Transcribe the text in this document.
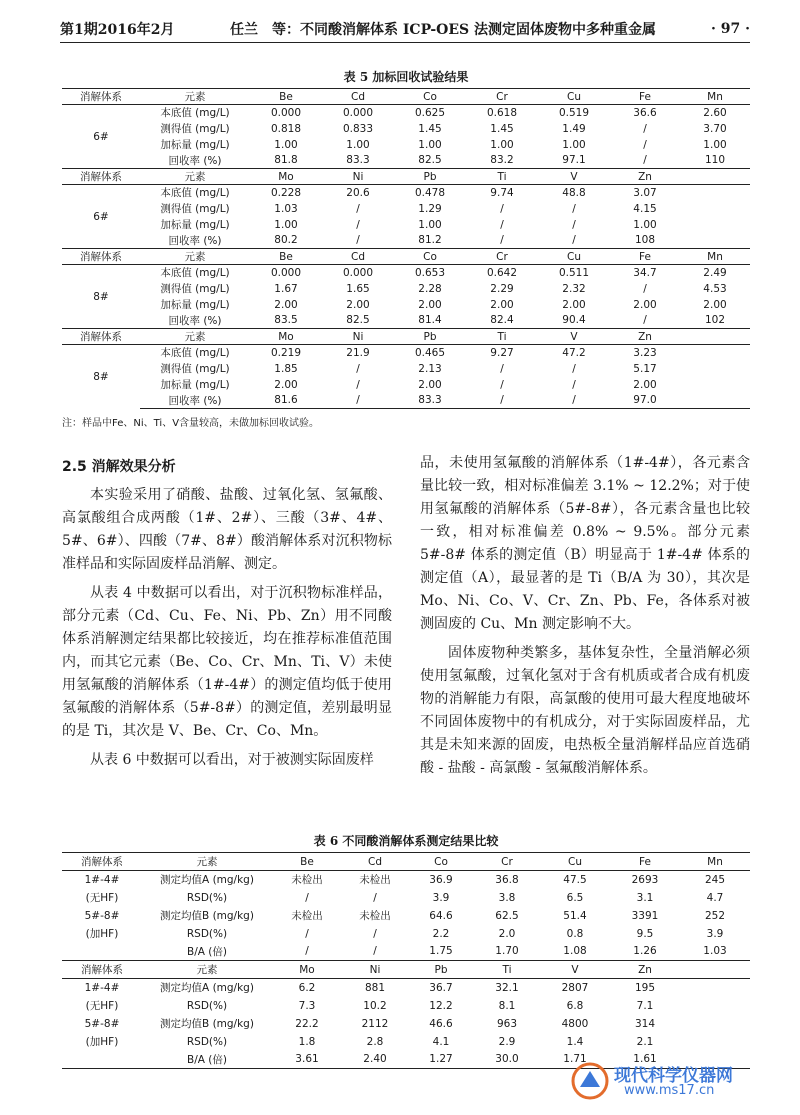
第1期2016年2月	任兰　等：不同酸消解体系 ICP-OES 法测定固体废物中多种重金属	· 97 ·
表 5 加标回收试验结果
消解体系	元素	Be	Cd	Co	Cr	Cu	Fe	Mn
6#	本底值 (mg/L)	0.000	0.000	0.625	0.618	0.519	36.6	2.60
	测得值 (mg/L)	0.818	0.833	1.45	1.45	1.49	/	3.70
	加标量 (mg/L)	1.00	1.00	1.00	1.00	1.00	/	1.00
	回收率 (%)	81.8	83.3	82.5	83.2	97.1	/	110
消解体系	元素	Mo	Ni	Pb	Ti	V	Zn	
6#	本底值 (mg/L)	0.228	20.6	0.478	9.74	48.8	3.07	
	测得值 (mg/L)	1.03	/	1.29	/	/	4.15	
	加标量 (mg/L)	1.00	/	1.00	/	/	1.00	
	回收率 (%)	80.2	/	81.2	/	/	108	
消解体系	元素	Be	Cd	Co	Cr	Cu	Fe	Mn
8#	本底值 (mg/L)	0.000	0.000	0.653	0.642	0.511	34.7	2.49
	测得值 (mg/L)	1.67	1.65	2.28	2.29	2.32	/	4.53
	加标量 (mg/L)	2.00	2.00	2.00	2.00	2.00	2.00	2.00
	回收率 (%)	83.5	82.5	81.4	82.4	90.4	/	102
消解体系	元素	Mo	Ni	Pb	Ti	V	Zn	
8#	本底值 (mg/L)	0.219	21.9	0.465	9.27	47.2	3.23	
	测得值 (mg/L)	1.85	/	2.13	/	/	5.17	
	加标量 (mg/L)	2.00	/	2.00	/	/	2.00	
	回收率 (%)	81.6	/	83.3	/	/	97.0	
注：样品中Fe、Ni、Ti、V含量较高，未做加标回收试验。
2.5 消解效果分析

本实验采用了硝酸、盐酸、过氧化氢、氢氟酸、高氯酸组合成两酸（1#、2#）、三酸（3#、4#、5#、6#）、四酸（7#、8#）酸消解体系对沉积物标准样品和实际固废样品消解、测定。

从表 4 中数据可以看出，对于沉积物标准样品，部分元素（Cd、Cu、Fe、Ni、Pb、Zn）用不同酸体系消解测定结果都比较接近，均在推荐标准值范围内，而其它元素（Be、Co、Cr、Mn、Ti、V）未使用氢氟酸的消解体系（1#-4#）的测定值均低于使用氢氟酸的消解体系（5#-8#）的测定值，差别最明显的是 Ti，其次是 V、Be、Cr、Co、Mn。

从表 6 中数据可以看出，对于被测实际固废样

品，未使用氢氟酸的消解体系（1#-4#），各元素含量比较一致，相对标准偏差 3.1% ~ 12.2%；对于使用氢氟酸的消解体系（5#-8#），各元素含量也比较一致，相对标准偏差 0.8% ~ 9.5%。部分元素 5#-8# 体系的测定值（B）明显高于 1#-4# 体系的测定值（A），最显著的是 Ti（B/A 为 30），其次是 Mo、Ni、Co、V、Cr、Zn、Pb、Fe，各体系对被测固废的 Cu、Mn 测定影响不大。

固体废物种类繁多，基体复杂性，全量消解必须使用氢氟酸，过氧化氢对于含有机质或者合成有机废物的消解能力有限，高氯酸的使用可最大程度地破坏不同固体废物中的有机成分，对于实际固废样品，尤其是未知来源的固废，电热板全量消解样品应首选硝酸 - 盐酸 - 高氯酸 - 氢氟酸消解体系。

表 6 不同酸消解体系测定结果比较
消解体系	元素	Be	Cd	Co	Cr	Cu	Fe	Mn
1#-4#	测定均值A (mg/kg)	未检出	未检出	36.9	36.8	47.5	2693	245
(无HF)	RSD(%)	/	/	3.9	3.8	6.5	3.1	4.7
5#-8#	测定均值B (mg/kg)	未检出	未检出	64.6	62.5	51.4	3391	252
(加HF)	RSD(%)	/	/	2.2	2.0	0.8	9.5	3.9
	B/A (倍)	/	/	1.75	1.70	1.08	1.26	1.03
消解体系	元素	Mo	Ni	Pb	Ti	V	Zn	
1#-4#	测定均值A (mg/kg)	6.2	881	36.7	32.1	2807	195	
(无HF)	RSD(%)	7.3	10.2	12.2	8.1	6.8	7.1	
5#-8#	测定均值B (mg/kg)	22.2	2112	46.6	963	4800	314	
(加HF)	RSD(%)	1.8	2.8	4.1	2.9	1.4	2.1	
	B/A (倍)	3.61	2.40	1.27	30.0	1.71	1.61	
现代科学仪器网
www.ms17.cn
